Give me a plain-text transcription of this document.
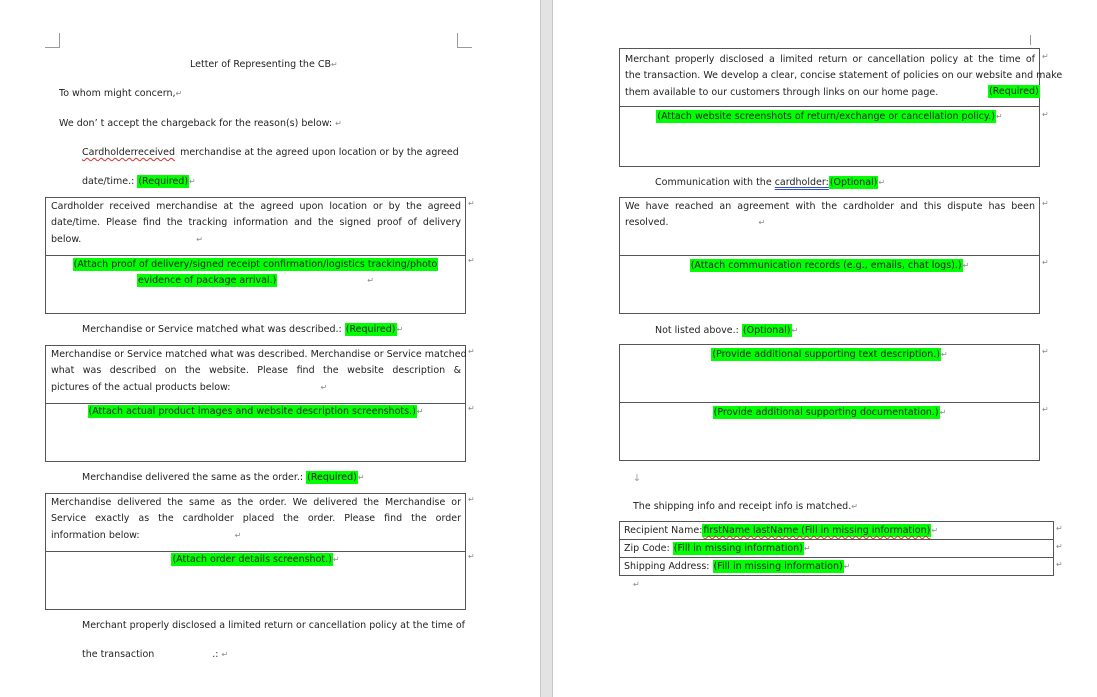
Letter of Representing the CB↵
To whom might concern,↵
We don’ t accept the chargeback for the reason(s) below: ↵
Cardholderreceived merchandise at the agreed upon location or by the agreed
date/time.: (Required)↵
Cardholder received merchandise at the agreed upon location or by the agreed
date/time. Please find the tracking information and the signed proof of delivery
below.	↵
(Attach proof of delivery/signed receipt confirmation/logistics tracking/photo
evidence of package arrival.)	↵
↵
↵
Merchandise or Service matched what was described.: (Required)↵
Merchandise or Service matched what was described. Merchandise or Service matched
what was described on the website. Please find the website description &
pictures of the actual products below:	↵
(Attach actual product images and website description screenshots.)↵
↵
↵
Merchandise delivered the same as the order.: (Required)↵
Merchandise delivered the same as the order. We delivered the Merchandise or
Service exactly as the cardholder placed the order. Please find the order
information below:	↵
(Attach order details screenshot.)↵
↵
↵
Merchant properly disclosed a limited return or cancellation policy at the time of
the transaction	.: ↵
Merchant properly disclosed a limited return or cancellation policy at the time of
the transaction. We develop a clear, concise statement of policies on our website and make
them available to our customers through links on our home page.	(Required)
(Attach website screenshots of return/exchange or cancellation policy.)↵
↵
↵
Communication with the cardholder:(Optional)↵
We have reached an agreement with the cardholder and this dispute has been
resolved.	↵
(Attach communication records (e.g., emails, chat logs).)↵
↵
↵
Not listed above.: (Optional)↵
(Provide additional supporting text description.)↵
(Provide additional supporting documentation.)↵
↵
↵
↓
The shipping info and receipt info is matched.↵
Recipient Name:firstName lastName (Fill in missing information)↵
Zip Code: (Fill in missing information)↵
Shipping Address: (Fill in missing information)↵
↵
↵
↵
↵
